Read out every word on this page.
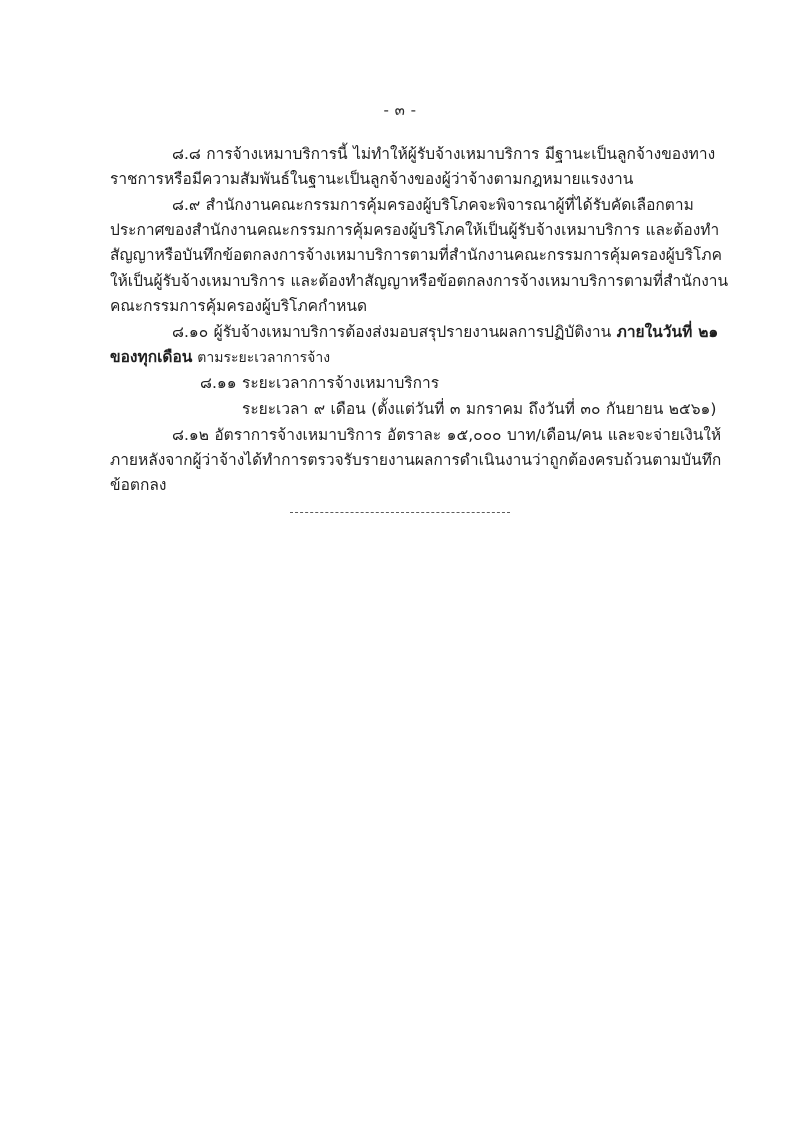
- ๓ -

๘.๘ การจ้างเหมาบริการนี้ ไม่ทำให้ผู้รับจ้างเหมาบริการ มีฐานะเป็นลูกจ้างของทางราชการหรือมีความสัมพันธ์ในฐานะเป็นลูกจ้างของผู้ว่าจ้างตามกฎหมายแรงงาน

๘.๙ สำนักงานคณะกรรมการคุ้มครองผู้บริโภคจะพิจารณาผู้ที่ได้รับคัดเลือกตามประกาศของสำนักงานคณะกรรมการคุ้มครองผู้บริโภคให้เป็นผู้รับจ้างเหมาบริการ และต้องทำสัญญาหรือบันทึกข้อตกลงการจ้างเหมาบริการตามที่สำนักงานคณะกรรมการคุ้มครองผู้บริโภคให้เป็นผู้รับจ้างเหมาบริการ และต้องทำสัญญาหรือข้อตกลงการจ้างเหมาบริการตามที่สำนักงานคณะกรรมการคุ้มครองผู้บริโภคกำหนด

๘.๑๐ ผู้รับจ้างเหมาบริการต้องส่งมอบสรุปรายงานผลการปฏิบัติงาน ภายในวันที่ ๒๑ ของทุกเดือน ตามระยะเวลาการจ้าง

๘.๑๑ ระยะเวลาการจ้างเหมาบริการ

ระยะเวลา ๙ เดือน (ตั้งแต่วันที่ ๓ มกราคม ถึงวันที่ ๓๐ กันยายน ๒๕๖๑)

๘.๑๒ อัตราการจ้างเหมาบริการ อัตราละ ๑๕,๐๐๐ บาท/เดือน/คน และจะจ่ายเงินให้ภายหลังจากผู้ว่าจ้างได้ทำการตรวจรับรายงานผลการดำเนินงานว่าถูกต้องครบถ้วนตามบันทึกข้อตกลง
